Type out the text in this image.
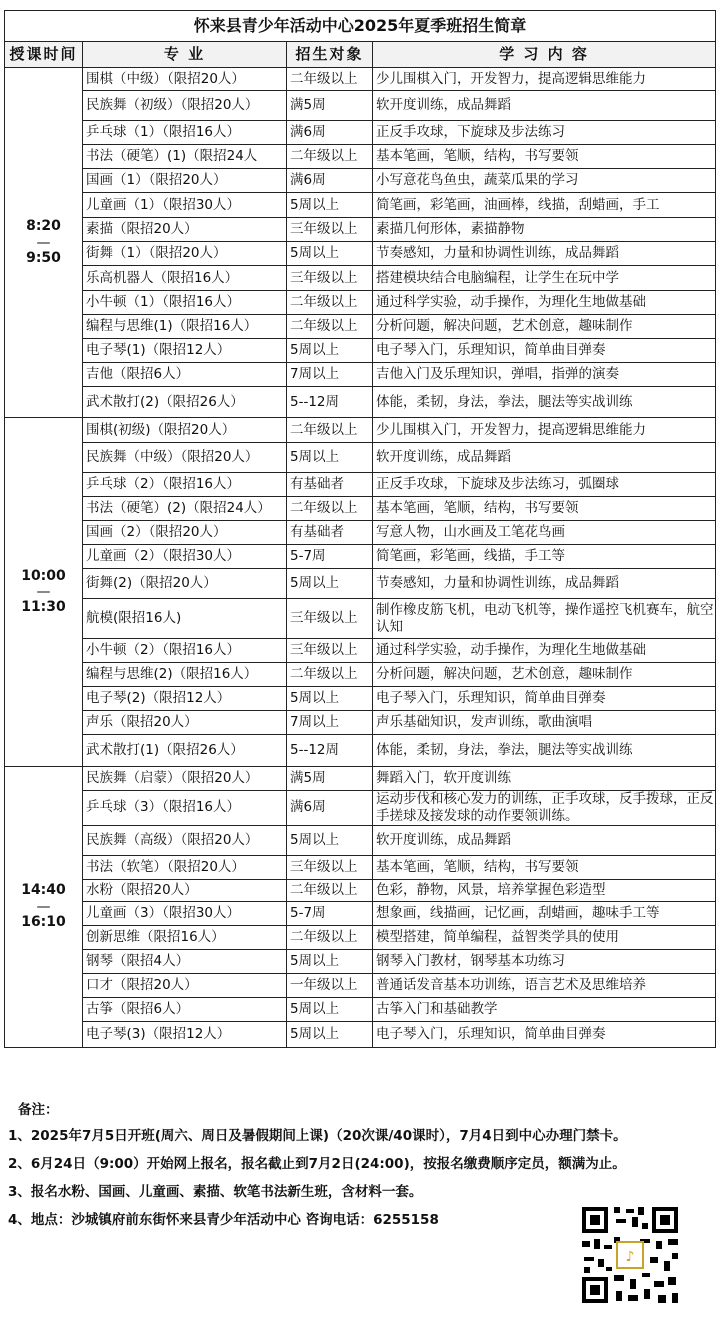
怀来县青少年活动中心2025年夏季班招生简章			
授课时间	专 业	招生对象	学 习 内 容

8:20
—
9:50	围棋（中级）（限招20人）	二年级以上	少儿围棋入门，开发智力，提高逻辑思维能力
	民族舞（初级）（限招20人）	满5周	软开度训练，成品舞蹈
	乒乓球（1）（限招16人）	满6周	正反手攻球，下旋球及步法练习
	书法（硬笔）(1)（限招24人	二年级以上	基本笔画，笔顺，结构，书写要领
	国画（1）（限招20人）	满6周	小写意花鸟鱼虫，蔬菜瓜果的学习
	儿童画（1）（限招30人）	5周以上	简笔画，彩笔画，油画棒，线描，刮蜡画，手工
	素描（限招20人）	三年级以上	素描几何形体，素描静物
	街舞（1）（限招20人）	5周以上	节奏感知，力量和协调性训练，成品舞蹈
	乐高机器人（限招16人）	三年级以上	搭建模块结合电脑编程，让学生在玩中学
	小牛顿（1）（限招16人）	二年级以上	通过科学实验，动手操作，为理化生地做基础
	编程与思维(1)（限招16人）	二年级以上	分析问题，解决问题，艺术创意，趣味制作
	电子琴(1)（限招12人）	5周以上	电子琴入门，乐理知识，简单曲目弹奏
	吉他（限招6人）	7周以上	吉他入门及乐理知识，弹唱，指弹的演奏
	武术散打(2)（限招26人）	5--12周	体能，柔韧，身法，拳法，腿法等实战训练

10:00
—
11:30	围棋(初级)（限招20人）	二年级以上	少儿围棋入门，开发智力，提高逻辑思维能力
	民族舞（中级）（限招20人）	5周以上	软开度训练，成品舞蹈
	乒乓球（2）（限招16人）	有基础者	正反手攻球，下旋球及步法练习，弧圈球
	书法（硬笔）(2)（限招24人）	二年级以上	基本笔画，笔顺，结构，书写要领
	国画（2）（限招20人）	有基础者	写意人物，山水画及工笔花鸟画
	儿童画（2）（限招30人）	5-7周	简笔画，彩笔画，线描，手工等
	街舞(2)（限招20人）	5周以上	节奏感知，力量和协调性训练，成品舞蹈
	航模(限招16人)	三年级以上	制作橡皮筋飞机，电动飞机等，操作遥控飞机赛车，航空认知
	小牛顿（2）（限招16人）	三年级以上	通过科学实验，动手操作，为理化生地做基础
	编程与思维(2)（限招16人）	二年级以上	分析问题，解决问题，艺术创意，趣味制作
	电子琴(2)（限招12人）	5周以上	电子琴入门，乐理知识，简单曲目弹奏
	声乐（限招20人）	7周以上	声乐基础知识，发声训练，歌曲演唱
	武术散打(1)（限招26人）	5--12周	体能，柔韧，身法，拳法，腿法等实战训练

14:40
—
16:10	民族舞（启蒙）（限招20人）	满5周	舞蹈入门，软开度训练
	乒乓球（3）（限招16人）	满6周	运动步伐和核心发力的训练，正手攻球，反手拨球，正反手搓球及接发球的动作要领训练。
	民族舞（高级）（限招20人）	5周以上	软开度训练，成品舞蹈
	书法（软笔）（限招20人）	三年级以上	基本笔画，笔顺，结构，书写要领
	水粉（限招20人）	二年级以上	色彩，静物，风景，培养掌握色彩造型
	儿童画（3）（限招30人）	5-7周	想象画，线描画，记忆画，刮蜡画，趣味手工等
	创新思维（限招16人）	二年级以上	模型搭建，简单编程，益智类学具的使用
	钢琴（限招4人）	5周以上	钢琴入门教材，钢琴基本功练习
	口才（限招20人）	一年级以上	普通话发音基本功训练，语言艺术及思维培养
	古筝（限招6人）	5周以上	古筝入门和基础教学
	电子琴(3)（限招12人）	5周以上	电子琴入门，乐理知识，简单曲目弹奏
备注：

1、2025年7月5日开班(周六、周日及暑假期间上课)（20次课/40课时），7月4日到中心办理门禁卡。

2、6月24日（9:00）开始网上报名，报名截止到7月2日(24:00)，按报名缴费顺序定员，额满为止。

3、报名水粉、国画、儿童画、素描、软笔书法新生班，含材料一套。

4、地点：沙城镇府前东街怀来县青少年活动中心 咨询电话：6255158

♪
